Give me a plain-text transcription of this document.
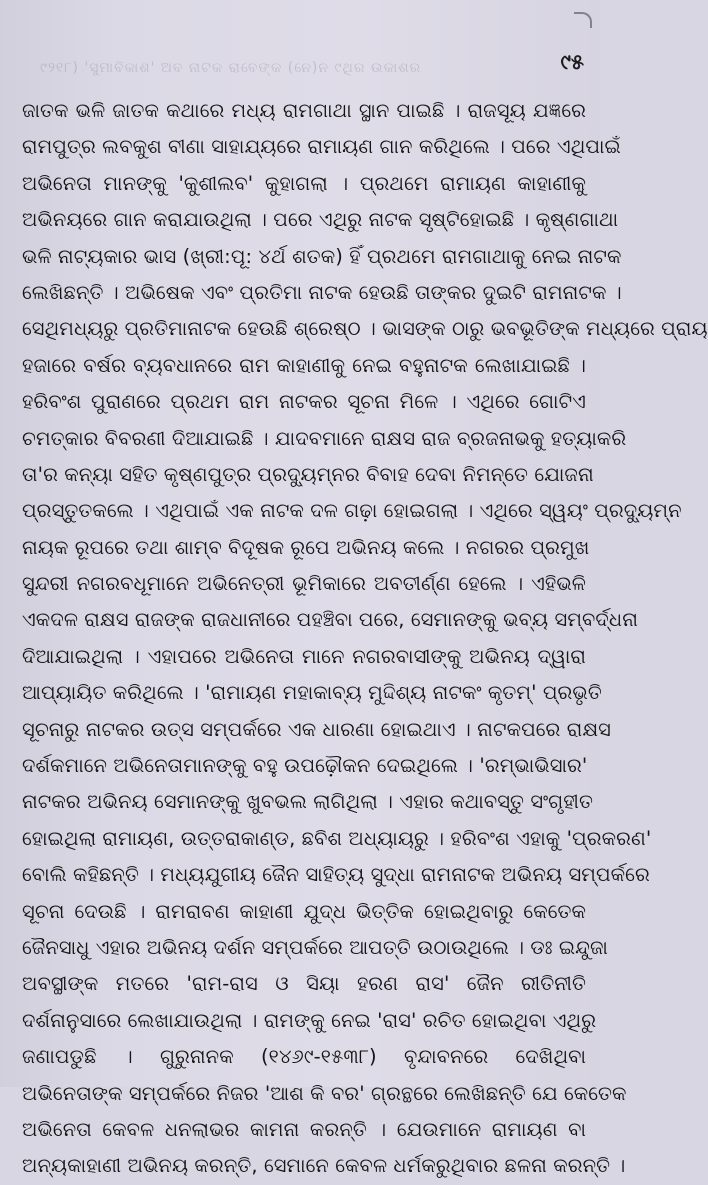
୯୨୧୮) 'ସୁମାବିକାଶ' ଅବ ନାଟକ ରାବେଙ୍କ (ନେ)ନ ୯ଥିର ଉକାଶର	୯୫
ଜାତକ ଭଳି ଜାତକ କଥାରେ ମଧ୍ୟ ରାମଗାଥା ସ୍ଥାନ ପାଇଛି । ରାଜସୂୟ ଯଜ୍ଞରେ
ରାମପୁତ୍ର ଲବକୁଶ ବୀଣା ସାହାଯ୍ୟରେ ରାମାୟଣ ଗାନ କରିଥିଲେ । ପରେ ଏଥିପାଇଁ
ଅଭିନେତା ମାନଙ୍କୁ 'କୁଶୀଲବ' କୁହାଗଲା । ପ୍ରଥମେ ରାମାୟଣ କାହାଣୀକୁ
ଅଭିନୟରେ ଗାନ କରାଯାଉଥିଲା । ପରେ ଏଥିରୁ ନାଟକ ସୃଷ୍ଟିହୋଇଛି । କୃଷ୍ଣଗାଥା
ଭଳି ନାଟ୍ୟକାର ଭାସ (ଖ୍ରୀ:ପୂ: ୪ର୍ଥ ଶତକ) ହିଁ ପ୍ରଥମେ ରାମଗାଥାକୁ ନେଇ ନାଟକ
ଲେଖିଛନ୍ତି । ଅଭିଷେକ ଏବଂ ପ୍ରତିମା ନାଟକ ହେଉଛି ତାଙ୍କର ଦୁଇଟି ରାମନାଟକ ।
ସେଥିମଧ୍ୟରୁ ପ୍ରତିମାନାଟକ ହେଉଛି ଶ୍ରେଷ୍ଠ । ଭାସଙ୍କ ଠାରୁ ଭବଭୂତିଙ୍କ ମଧ୍ୟରେ ପ୍ରାୟ
ହଜାରେ ବର୍ଷର ବ୍ୟବଧାନରେ ରାମ କାହାଣୀକୁ ନେଇ ବହୁନାଟକ ଲେଖାଯାଇଛି ।
ହରିବଂଶ ପୁରାଣରେ ପ୍ରଥମ ରାମ ନାଟକର ସୂଚନା ମିଳେ । ଏଥିରେ ଗୋଟିଏ
ଚମତ୍କାର ବିବରଣୀ ଦିଆଯାଇଛି । ଯାଦବମାନେ ରାକ୍ଷସ ରାଜ ବ୍ରଜନାଭକୁ ହତ୍ୟାକରି
ତା'ର କନ୍ୟା ସହିତ କୃଷ୍ଣପୁତ୍ର ପ୍ରଦ୍ୟୁମ୍ନର ବିବାହ ଦେବା ନିମନ୍ତେ ଯୋଜନା
ପ୍ରସ୍ତୁତକଲେ । ଏଥିପାଇଁ ଏକ ନାଟକ ଦଳ ଗଢ଼ା ହୋଇଗଲା । ଏଥିରେ ସ୍ୱୟଂ ପ୍ରଦ୍ୟୁମ୍ନ
ନାୟକ ରୂପରେ ତଥା ଶାମ୍ବ ବିଦୂଷକ ରୂପେ ଅଭିନୟ କଲେ । ନଗରର ପ୍ରମୁଖ
ସୁନ୍ଦରୀ ନଗରବଧୂମାନେ ଅଭିନେତ୍ରୀ ଭୂମିକାରେ ଅବତୀର୍ଣ୍ଣ ହେଲେ । ଏହିଭଳି
ଏକଦଳ ରାକ୍ଷସ ରାଜଙ୍କ ରାଜଧାନୀରେ ପହଞ୍ଚିବା ପରେ, ସେମାନଙ୍କୁ ଭବ୍ୟ ସମ୍ବର୍ଦ୍ଧନା
ଦିଆଯାଇଥିଲା । ଏହାପରେ ଅଭିନେତା ମାନେ ନଗରବାସୀଙ୍କୁ ଅଭିନୟ ଦ୍ୱାରା
ଆପ୍ୟାୟିତ କରିଥିଲେ । 'ରାମାୟଣ ମହାକାବ୍ୟ ମୁଦ୍ଦିଶ୍ୟ ନାଟକଂ କୃତମ୍' ପ୍ରଭୃତି
ସୂଚନାରୁ ନାଟକର ଉତ୍ସ ସମ୍ପର୍କରେ ଏକ ଧାରଣା ହୋଇଥାଏ । ନାଟକପରେ ରାକ୍ଷସ
ଦର୍ଶକମାନେ ଅଭିନେତାମାନଙ୍କୁ ବହୁ ଉପଢ଼ୌକନ ଦେଇଥିଲେ । 'ରମ୍ଭାଭିସାର'
ନାଟକର ଅଭିନୟ ସେମାନଙ୍କୁ ଖୁବଭଲ ଲାଗିଥିଲା । ଏହାର କଥାବସ୍ତୁ ସଂଗୃହୀତ
ହୋଇଥିଲା ରାମାୟଣ, ଉତ୍ତରାକାଣ୍ଡ, ଛବିଶ ଅଧ୍ୟାୟରୁ । ହରିବଂଶ ଏହାକୁ 'ପ୍ରକରଣ'
ବୋଲି କହିଛନ୍ତି । ମଧ୍ୟଯୁଗୀୟ ଜୈନ ସାହିତ୍ୟ ସୁଦ୍ଧା ରାମନାଟକ ଅଭିନୟ ସମ୍ପର୍କରେ
ସୂଚନା ଦେଉଛି । ରାମରାବଣ କାହାଣୀ ଯୁଦ୍ଧ ଭିତ୍ତିକ ହୋଇଥିବାରୁ କେତେକ
ଜୈନସାଧୁ ଏହାର ଅଭିନୟ ଦର୍ଶନ ସମ୍ପର୍କରେ ଆପତ୍ତି ଉଠାଉଥିଲେ । ଡଃ ଇନ୍ଦୁଜା
ଅବସ୍ଥୀଙ୍କ ମତରେ 'ରାମ-ରାସ ଓ ସିୟା ହରଣ ରାସ' ଜୈନ ରୀତିନୀତି
ଦର୍ଶନାନୁସାରେ ଲେଖାଯାଉଥିଲା । ରାମଙ୍କୁ ନେଇ 'ରାସ' ରଚିତ ହୋଇଥିବା ଏଥିରୁ
ଜଣାପଡୁଛି । ଗୁରୁନାନକ (୧୪୬୯-୧୫୩୮) ବୃନ୍ଦାବନରେ ଦେଖିଥିବା
ଅଭିନେତାଙ୍କ ସମ୍ପର୍କରେ ନିଜର 'ଆଶ କି ବର' ଗ୍ରନ୍ଥରେ ଲେଖିଛନ୍ତି ଯେ କେତେକ
ଅଭିନେତା କେବଳ ଧନଲାଭର କାମନା କରନ୍ତି । ଯେଉମାନେ ରାମାୟଣ ବା
ଅନ୍ୟକାହାଣୀ ଅଭିନୟ କରନ୍ତି, ସେମାନେ କେବଳ ଧର୍ମକରୁଥିବାର ଛଳନା କରନ୍ତି ।
